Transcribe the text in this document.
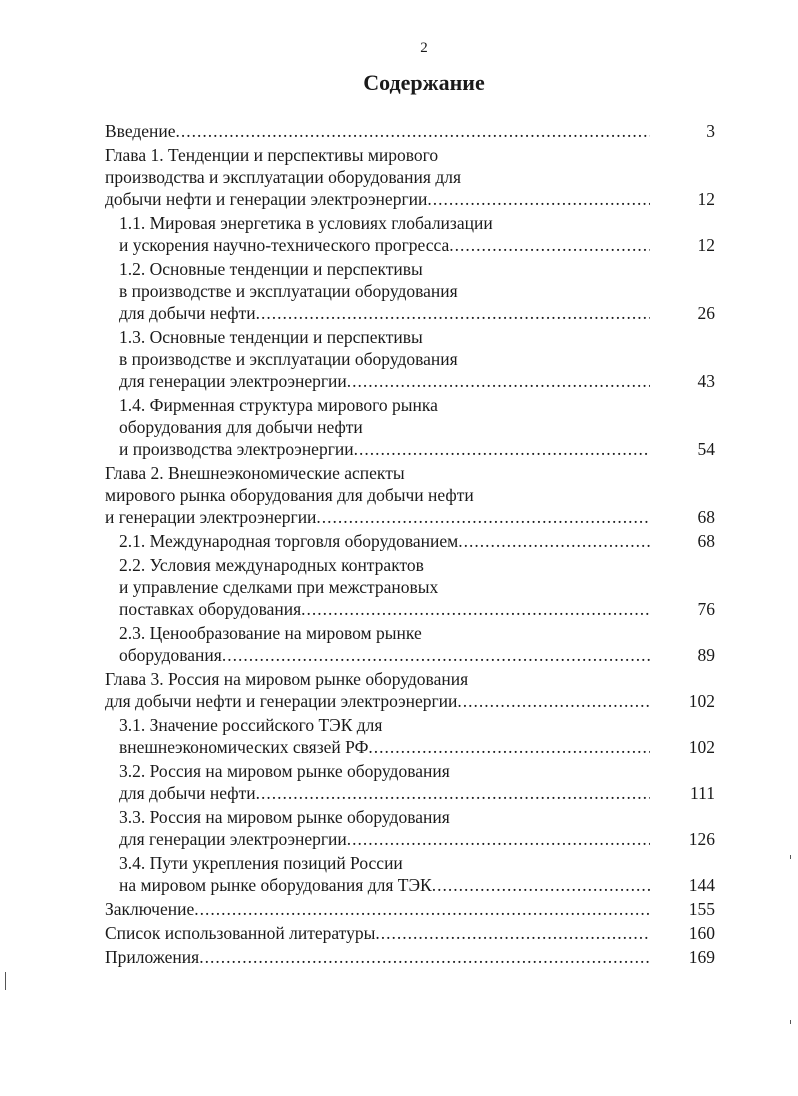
2
Содержание
Введение .....	3
Глава 1. Тенденции и перспективы мирового
производства и эксплуатации оборудования для
добычи нефти и генерации электроэнергии .....	12
1.1. Мировая энергетика в условиях глобализации
и ускорения научно-технического прогресса .....	12
1.2. Основные тенденции и перспективы
в производстве и эксплуатации оборудования
для добычи нефти .....	26
1.3. Основные тенденции и перспективы
в производстве и эксплуатации оборудования
для генерации электроэнергии .....	43
1.4. Фирменная структура мирового рынка
оборудования для добычи нефти
и производства электроэнергии .....	54
Глава 2. Внешнеэкономические аспекты
мирового рынка оборудования для добычи нефти
и генерации электроэнергии .....	68
2.1. Международная торговля оборудованием .....	68
2.2. Условия международных контрактов
и управление сделками при межстрановых
поставках оборудования .....	76
2.3. Ценообразование на мировом рынке
оборудования .....	89
Глава 3. Россия на мировом рынке оборудования
для добычи нефти и генерации электроэнергии .....	102
3.1. Значение российского ТЭК для
внешнеэкономических связей РФ .....	102
3.2. Россия на мировом рынке оборудования
для добычи нефти .....	111
3.3. Россия на мировом рынке оборудования
для генерации электроэнергии .....	126
3.4. Пути укрепления позиций России
на мировом рынке оборудования для ТЭК .....	144
Заключение .....	155
Список использованной литературы .....	160
Приложения .....	169
